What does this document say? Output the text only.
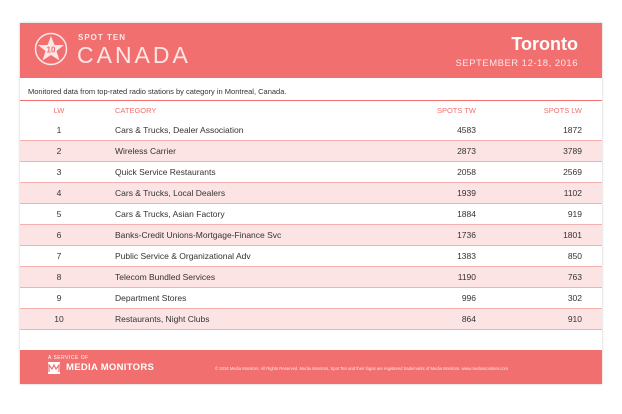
10
SPOT TEN
CANADA	Toronto
SEPTEMBER 12-18, 2016
Monitored data from top-rated radio stations by category in Montreal, Canada.
LW	CATEGORY	SPOTS TW	SPOTS LW
1	Cars & Trucks, Dealer Association	4583	1872
2	Wireless Carrier	2873	3789
3	Quick Service Restaurants	2058	2569
4	Cars & Trucks, Local Dealers	1939	1102
5	Cars & Trucks, Asian Factory	1884	919
6	Banks-Credit Unions-Mortgage-Finance Svc	1736	1801
7	Public Service & Organizational Adv	1383	850
8	Telecom Bundled Services	1190	763
9	Department Stores	996	302
10	Restaurants, Night Clubs	864	910
A SERVICE OF
MEDIA MONITORS	© 2016 Media Monitors. All Rights Reserved. Media Monitors, Spot Ten and their logos are registered trademarks of Media Monitors. www.mediamonitors.com
